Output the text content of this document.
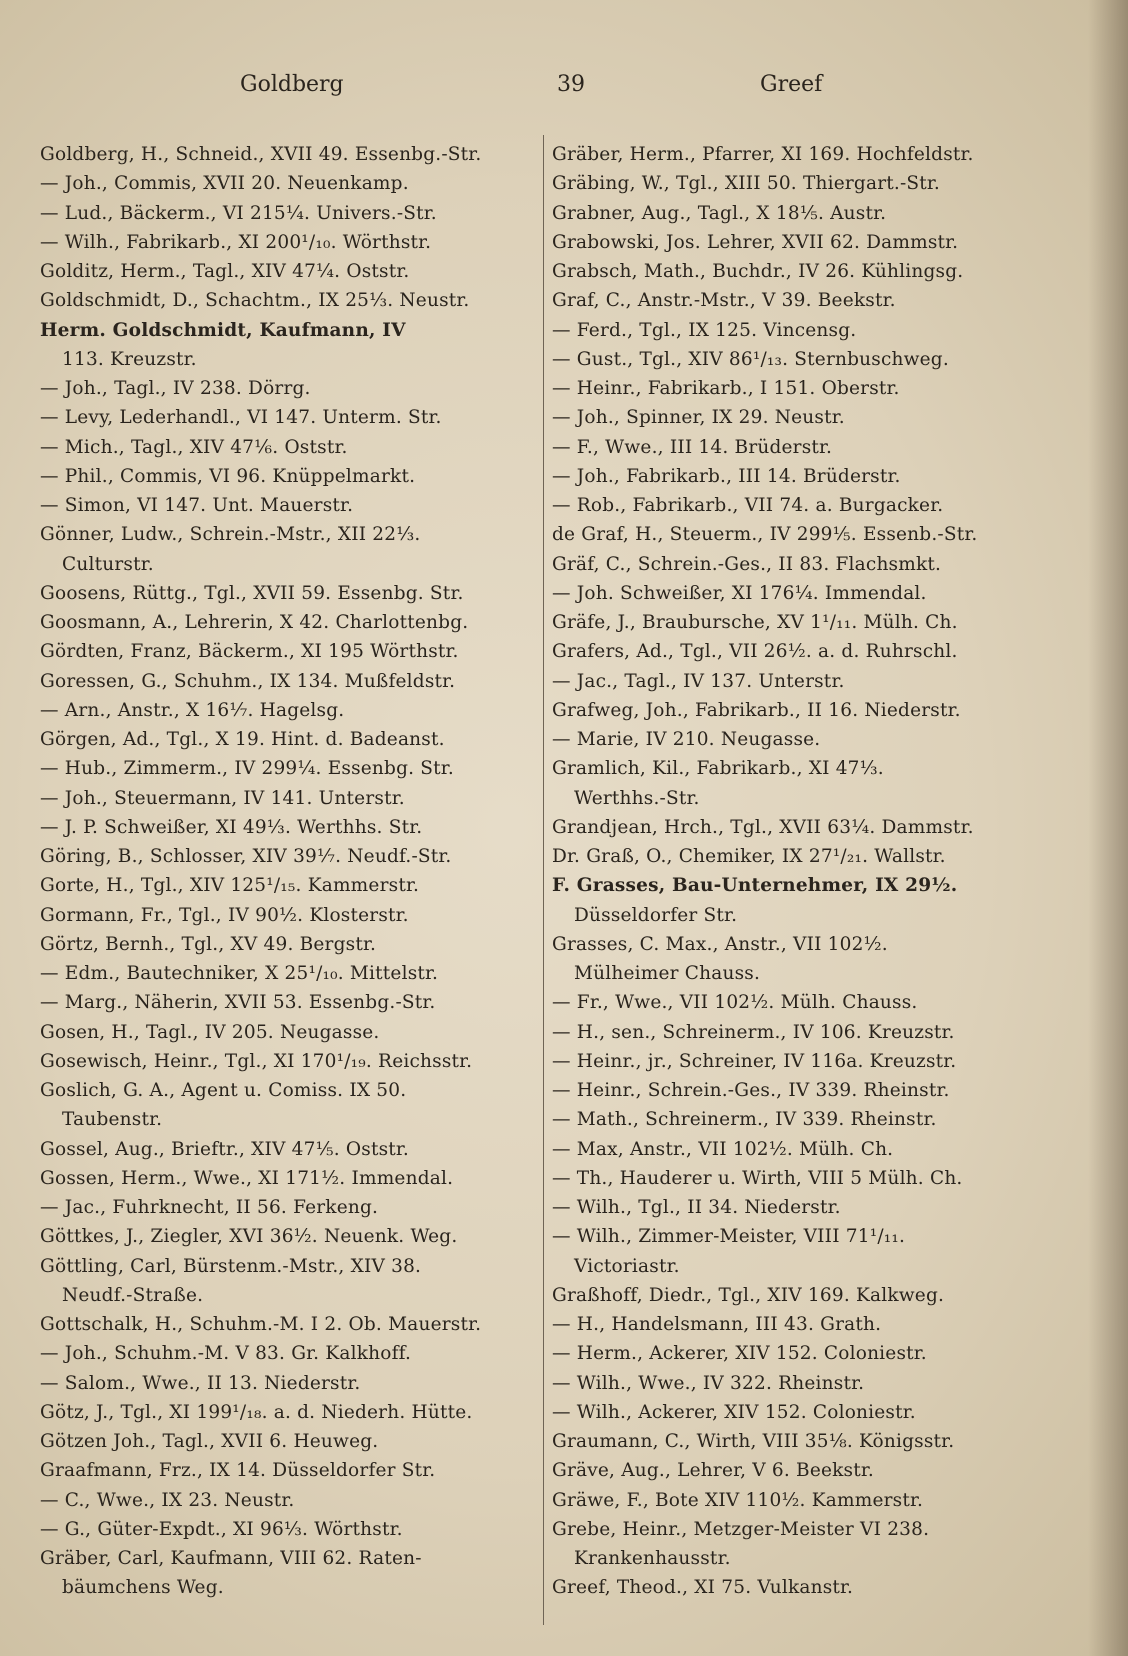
Goldberg	39	Greef
Goldberg, H., Schneid., XVII 49. Essenbg.-Str.
— Joh., Commis, XVII 20. Neuenkamp.
— Lud., Bäckerm., VI 215¼. Univers.-Str.
— Wilh., Fabrikarb., XI 200¹/₁₀. Wörthstr.
Golditz, Herm., Tagl., XIV 47¼. Oststr.
Goldschmidt, D., Schachtm., IX 25⅓. Neustr.
Herm. Goldschmidt, Kaufmann, IV
113. Kreuzstr.
— Joh., Tagl., IV 238. Dörrg.
— Levy, Lederhandl., VI 147. Unterm. Str.
— Mich., Tagl., XIV 47⅙. Oststr.
— Phil., Commis, VI 96. Knüppelmarkt.
— Simon, VI 147. Unt. Mauerstr.
Gönner, Ludw., Schrein.-Mstr., XII 22⅓.
Culturstr.
Goosens, Rüttg., Tgl., XVII 59. Essenbg. Str.
Goosmann, A., Lehrerin, X 42. Charlottenbg.
Gördten, Franz, Bäckerm., XI 195 Wörthstr.
Goressen, G., Schuhm., IX 134. Mußfeldstr.
— Arn., Anstr., X 16⅐. Hagelsg.
Görgen, Ad., Tgl., X 19. Hint. d. Badeanst.
— Hub., Zimmerm., IV 299¼. Essenbg. Str.
— Joh., Steuermann, IV 141. Unterstr.
— J. P. Schweißer, XI 49⅓. Werthhs. Str.
Göring, B., Schlosser, XIV 39⅐. Neudf.-Str.
Gorte, H., Tgl., XIV 125¹/₁₅. Kammerstr.
Gormann, Fr., Tgl., IV 90½. Klosterstr.
Görtz, Bernh., Tgl., XV 49. Bergstr.
— Edm., Bautechniker, X 25¹/₁₀. Mittelstr.
— Marg., Näherin, XVII 53. Essenbg.-Str.
Gosen, H., Tagl., IV 205. Neugasse.
Gosewisch, Heinr., Tgl., XI 170¹/₁₉. Reichsstr.
Goslich, G. A., Agent u. Comiss. IX 50.
Taubenstr.
Gossel, Aug., Brieftr., XIV 47⅕. Oststr.
Gossen, Herm., Wwe., XI 171½. Immendal.
— Jac., Fuhrknecht, II 56. Ferkeng.
Göttkes, J., Ziegler, XVI 36½. Neuenk. Weg.
Göttling, Carl, Bürstenm.-Mstr., XIV 38.
Neudf.-Straße.
Gottschalk, H., Schuhm.-M. I 2. Ob. Mauerstr.
— Joh., Schuhm.-M. V 83. Gr. Kalkhoff.
— Salom., Wwe., II 13. Niederstr.
Götz, J., Tgl., XI 199¹/₁₈. a. d. Niederh. Hütte.
Götzen Joh., Tagl., XVII 6. Heuweg.
Graafmann, Frz., IX 14. Düsseldorfer Str.
— C., Wwe., IX 23. Neustr.
— G., Güter-Expdt., XI 96⅓. Wörthstr.
Gräber, Carl, Kaufmann, VIII 62. Raten-
bäumchens Weg.
Gräber, Herm., Pfarrer, XI 169. Hochfeldstr.
Gräbing, W., Tgl., XIII 50. Thiergart.-Str.
Grabner, Aug., Tagl., X 18⅕. Austr.
Grabowski, Jos. Lehrer, XVII 62. Dammstr.
Grabsch, Math., Buchdr., IV 26. Kühlingsg.
Graf, C., Anstr.-Mstr., V 39. Beekstr.
— Ferd., Tgl., IX 125. Vincensg.
— Gust., Tgl., XIV 86¹/₁₃. Sternbuschweg.
— Heinr., Fabrikarb., I 151. Oberstr.
— Joh., Spinner, IX 29. Neustr.
— F., Wwe., III 14. Brüderstr.
— Joh., Fabrikarb., III 14. Brüderstr.
— Rob., Fabrikarb., VII 74. a. Burgacker.
de Graf, H., Steuerm., IV 299⅕. Essenb.-Str.
Gräf, C., Schrein.-Ges., II 83. Flachsmkt.
— Joh. Schweißer, XI 176¼. Immendal.
Gräfe, J., Braubursche, XV 1¹/₁₁. Mülh. Ch.
Grafers, Ad., Tgl., VII 26½. a. d. Ruhrschl.
— Jac., Tagl., IV 137. Unterstr.
Grafweg, Joh., Fabrikarb., II 16. Niederstr.
— Marie, IV 210. Neugasse.
Gramlich, Kil., Fabrikarb., XI 47⅓.
Werthhs.-Str.
Grandjean, Hrch., Tgl., XVII 63¼. Dammstr.
Dr. Graß, O., Chemiker, IX 27¹/₂₁. Wallstr.
F. Grasses, Bau-Unternehmer, IX 29½.
Düsseldorfer Str.
Grasses, C. Max., Anstr., VII 102½.
Mülheimer Chauss.
— Fr., Wwe., VII 102½. Mülh. Chauss.
— H., sen., Schreinerm., IV 106. Kreuzstr.
— Heinr., jr., Schreiner, IV 116a. Kreuzstr.
— Heinr., Schrein.-Ges., IV 339. Rheinstr.
— Math., Schreinerm., IV 339. Rheinstr.
— Max, Anstr., VII 102½. Mülh. Ch.
— Th., Hauderer u. Wirth, VIII 5 Mülh. Ch.
— Wilh., Tgl., II 34. Niederstr.
— Wilh., Zimmer-Meister, VIII 71¹/₁₁.
Victoriastr.
Graßhoff, Diedr., Tgl., XIV 169. Kalkweg.
— H., Handelsmann, III 43. Grath.
— Herm., Ackerer, XIV 152. Coloniestr.
— Wilh., Wwe., IV 322. Rheinstr.
— Wilh., Ackerer, XIV 152. Coloniestr.
Graumann, C., Wirth, VIII 35⅛. Königsstr.
Gräve, Aug., Lehrer, V 6. Beekstr.
Gräwe, F., Bote XIV 110½. Kammerstr.
Grebe, Heinr., Metzger-Meister VI 238.
Krankenhausstr.
Greef, Theod., XI 75. Vulkanstr.
